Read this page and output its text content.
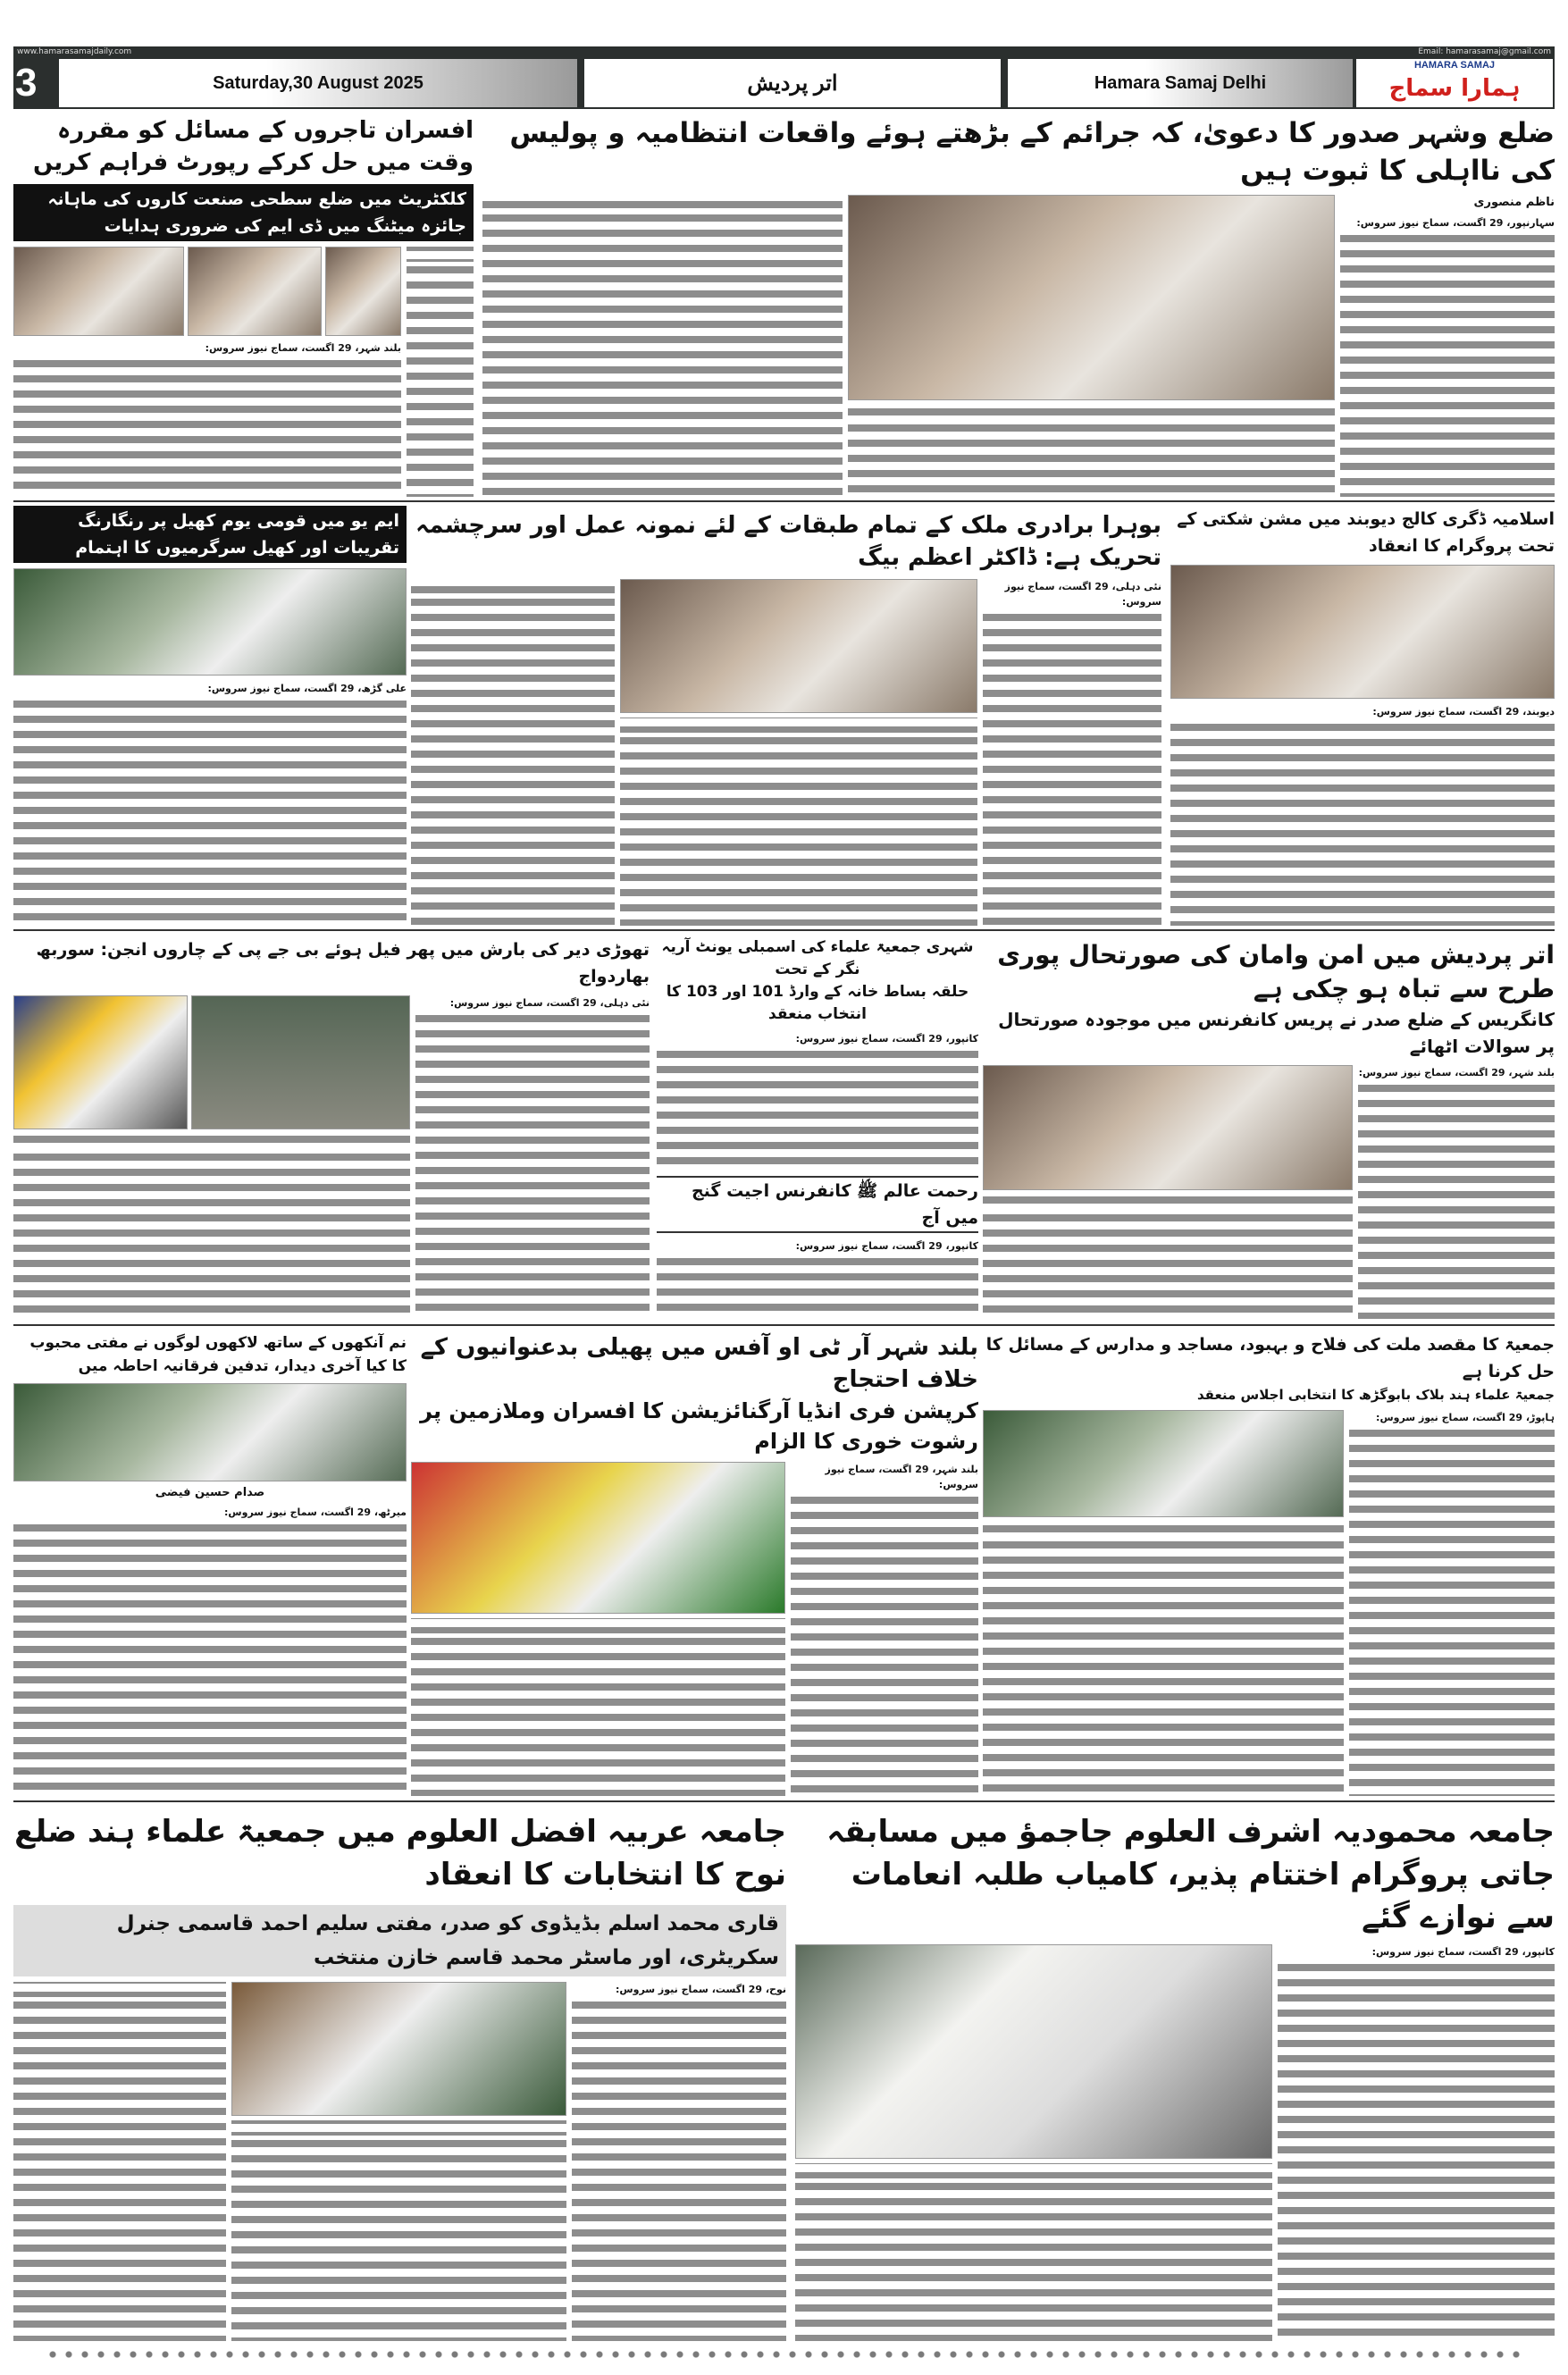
www.hamarasamajdaily.com	Email: hamarasamaj@gmail.com
3	Saturday,30 August 2025	اتر پردیش	Hamara Samaj Delhi
HAMARA SAMAJ
ہمارا سماج
افسران تاجروں کے مسائل کو مقررہ وقت میں حل کرکے رپورٹ فراہم کریں
کلکٹریٹ میں ضلع سطحی صنعت کاروں کی ماہانہ جائزہ میٹنگ میں ڈی ایم کی ضروری ہدایات

بلند شہر، 29 اگست، سماج نیوز سروس:

ضلع وشہر صدور کا دعویٰ، کہ جرائم کے بڑھتے ہوئے واقعات انتظامیہ و پولیس کی نااہلی کا ثبوت ہیں
ناظم منصوری

سہارنپور، 29 اگست، سماج نیوز سروس:

ایم یو میں قومی یوم کھیل پر رنگارنگ تقریبات اور کھیل سرگرمیوں کا اہتمام

علی گڑھ، 29 اگست، سماج نیوز سروس:

بوہرا برادری ملک کے تمام طبقات کے لئے نمونہ عمل اور سرچشمہ تحریک ہے: ڈاکٹر اعظم بیگ

نئی دہلی، 29 اگست، سماج نیوز سروس:

اسلامیہ ڈگری کالج دیوبند میں مشن شکتی کے تحت پروگرام کا انعقاد

دیوبند، 29 اگست، سماج نیوز سروس:

تھوڑی دیر کی بارش میں پھر فیل ہوئے بی جے پی کے چاروں انجن: سوربھ بھاردواج

نئی دہلی، 29 اگست، سماج نیوز سروس:

شہری جمعیۃ علماء کی اسمبلی یونٹ آریہ نگر کے تحت
حلقہ بساط خانہ کے وارڈ 101 اور 103 کا انتخاب منعقد

کانپور، 29 اگست، سماج نیوز سروس:

رحمت عالم ﷺ کانفرنس اجیت گنج میں آج

کانپور، 29 اگست، سماج نیوز سروس:

اتر پردیش میں امن وامان کی صورتحال پوری طرح سے تباہ ہو چکی ہے
کانگریس کے ضلع صدر نے پریس کانفرنس میں موجودہ صورتحال پر سوالات اٹھائے

بلند شہر، 29 اگست، سماج نیوز سروس:

نم آنکھوں کے ساتھ لاکھوں لوگوں نے مفتی محبوب کا کیا آخری دیدار، تدفین فرقانیہ احاطہ میں
صدام حسین فیضی

میرٹھ، 29 اگست، سماج نیوز سروس:

بلند شہر آر ٹی او آفس میں پھیلی بدعنوانیوں کے خلاف احتجاج
کرپشن فری انڈیا آرگنائزیشن کا افسران وملازمین پر رشوت خوری کا الزام

بلند شہر، 29 اگست، سماج نیوز سروس:

جمعیۃ کا مقصد ملت کی فلاح و بہبود، مساجد و مدارس کے مسائل کا حل کرنا ہے
جمعیۃ علماء ہند بلاک بابوگڑھ کا انتخابی اجلاس منعقد

ہاپوڑ، 29 اگست، سماج نیوز سروس:

جامعہ عربیہ افضل العلوم میں جمعیۃ علماء ہند ضلع نوح کا انتخابات کا انعقاد
قاری محمد اسلم بڈیڈوی کو صدر، مفتی سلیم احمد قاسمی جنرل سکریٹری، اور ماسٹر محمد قاسم خازن منتخب

نوح، 29 اگست، سماج نیوز سروس:

جامعہ محمودیہ اشرف العلوم جاجمؤ میں مسابقہ جاتی پروگرام اختتام پذیر، کامیاب طلبہ انعامات سے نوازے گئے

کانپور، 29 اگست، سماج نیوز سروس:
